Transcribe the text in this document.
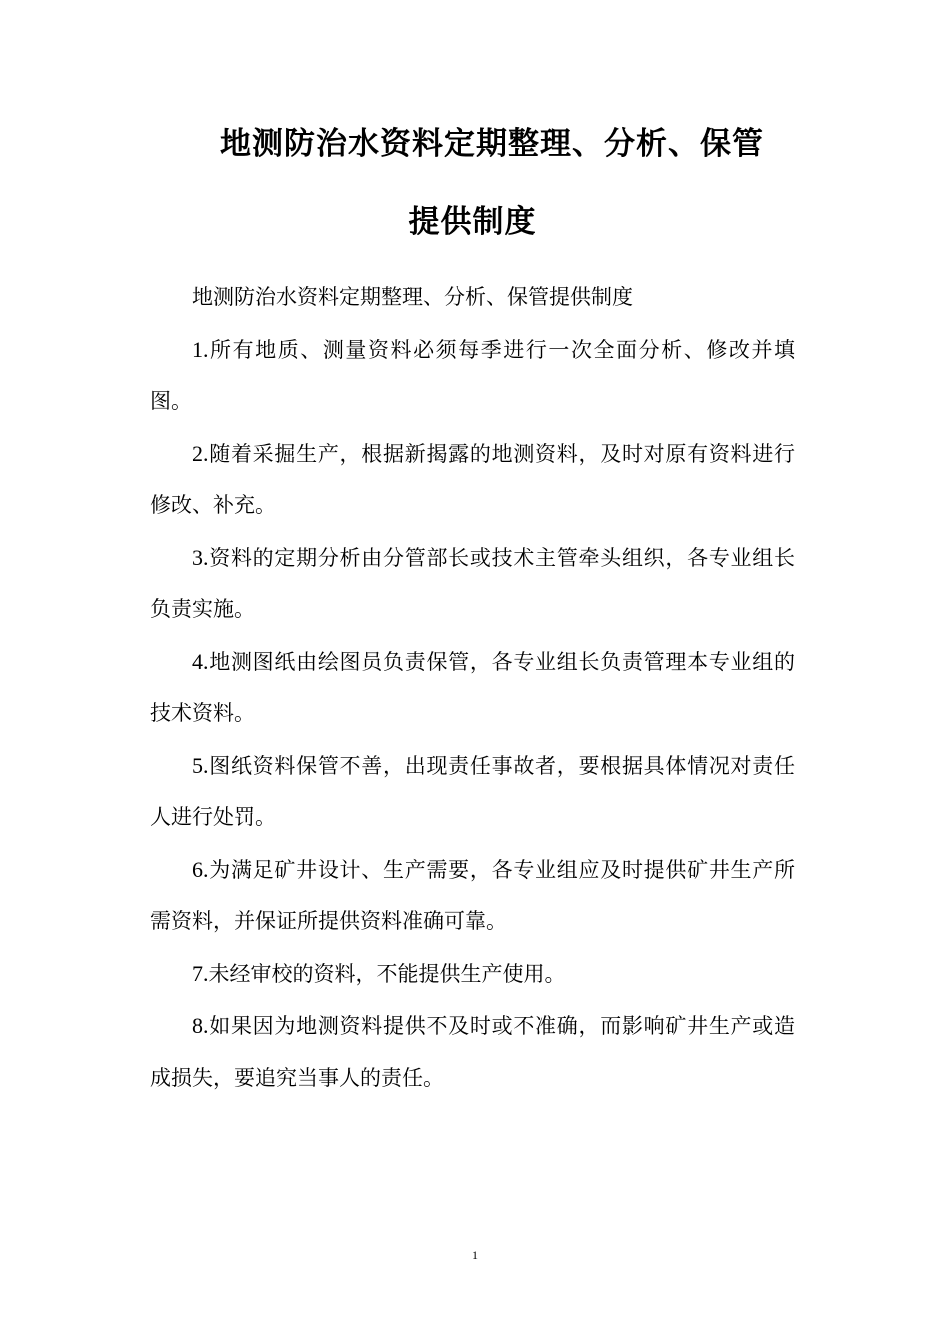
地测防治水资料定期整理、分析、保管
提供制度

地测防治水资料定期整理、分析、保管提供制度

1.所有地质、测量资料必须每季进行一次全面分析、修改并填图。

2.随着采掘生产，根据新揭露的地测资料，及时对原有资料进行修改、补充。

3.资料的定期分析由分管部长或技术主管牵头组织，各专业组长负责实施。

4.地测图纸由绘图员负责保管，各专业组长负责管理本专业组的技术资料。

5.图纸资料保管不善，出现责任事故者，要根据具体情况对责任人进行处罚。

6.为满足矿井设计、生产需要，各专业组应及时提供矿井生产所需资料，并保证所提供资料准确可靠。

7.未经审校的资料，不能提供生产使用。

8.如果因为地测资料提供不及时或不准确，而影响矿井生产或造成损失，要追究当事人的责任。

1
